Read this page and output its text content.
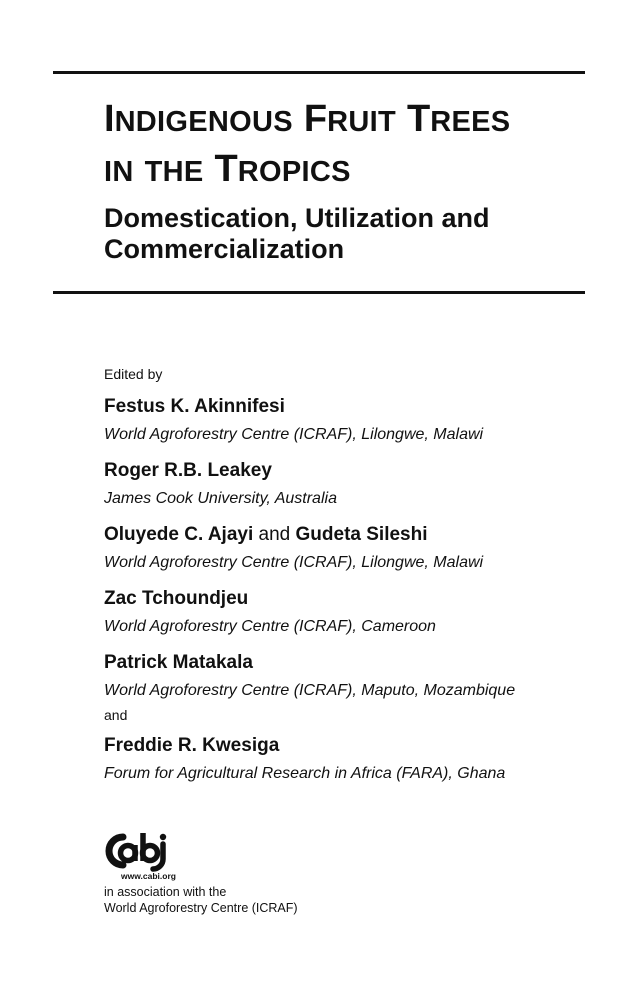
I NDIGENOUS F RUIT T REES
IN THE T ROPICS
Domestication, Utilization and
Commercialization
Edited by
Festus K. Akinnifesi
World Agroforestry Centre (ICRAF), Lilongwe, Malawi
Roger R.B. Leakey
James Cook University, Australia
Oluyede C. Ajayi and Gudeta Sileshi
World Agroforestry Centre (ICRAF), Lilongwe, Malawi
Zac Tchoundjeu
World Agroforestry Centre (ICRAF), Cameroon
Patrick Matakala
World Agroforestry Centre (ICRAF), Maputo, Mozambique
and
Freddie R. Kwesiga
Forum for Agricultural Research in Africa (FARA), Ghana
www.cabi.org
in association with the
World Agroforestry Centre (ICRAF)
